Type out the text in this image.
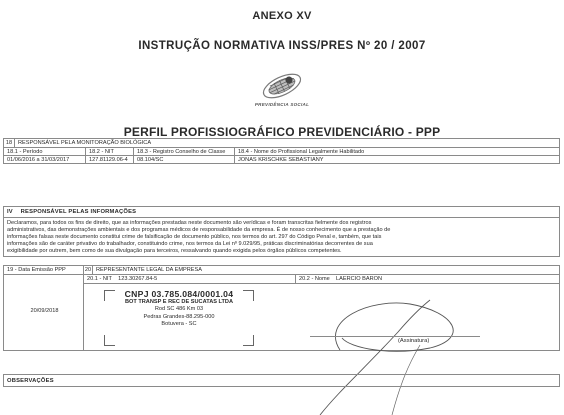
ANEXO XV
INSTRUÇÃO NORMATIVA INSS/PRES Nº 20 / 2007
PREVIDÊNCIA SOCIAL
PERFIL PROFISSIOGRÁFICO PREVIDENCIÁRIO - PPP
18	RESPONSÁVEL PELA MONITORAÇÃO BIOLÓGICA
18.1 - Período	18.2 - NIT	18.3 - Registro Conselho de Classe	18.4 - Nome do Profissional Legalmente Habilitado
01/06/2016 a 31/03/2017	127.81129.06-4	08.104/SC	JONAS KRISCHKE SEBASTIANY
IV RESPONSÁVEL PELAS INFORMAÇÕES
Declaramos, para todos os fins de direito, que as informações prestadas neste documento são verídicas e foram transcritas fielmente dos registros
administrativos, das demonstrações ambientais e dos programas médicos de responsabilidade da empresa. É de nosso conhecimento que a prestação de
informações falsas neste documento constitui crime de falsificação de documento público, nos termos do art. 297 do Código Penal e, também, que tais
informações são de caráter privativo do trabalhador, constituindo crime, nos termos da Lei nº 9.029/95, práticas discriminatórias decorrentes de sua
exigibilidade por outrem, bem como de sua divulgação para terceiros, ressalvando quando exigida pelos órgãos públicos competentes.
19 - Data Emissão PPP	20 REPRESENTANTE LEGAL DA EMPRESA
20/09/2018
20.1 - NIT 123.30267.84-5	20.2 - Nome LAERCIO BARON
CNPJ 03.785.084/0001.04
BOT TRANSP E REC DE SUCATAS LTDA
Rod SC 486 Km 03
Pedras Grandes-88.295-000
Botuvera - SC
(Assinatura)
OBSERVAÇÕES
